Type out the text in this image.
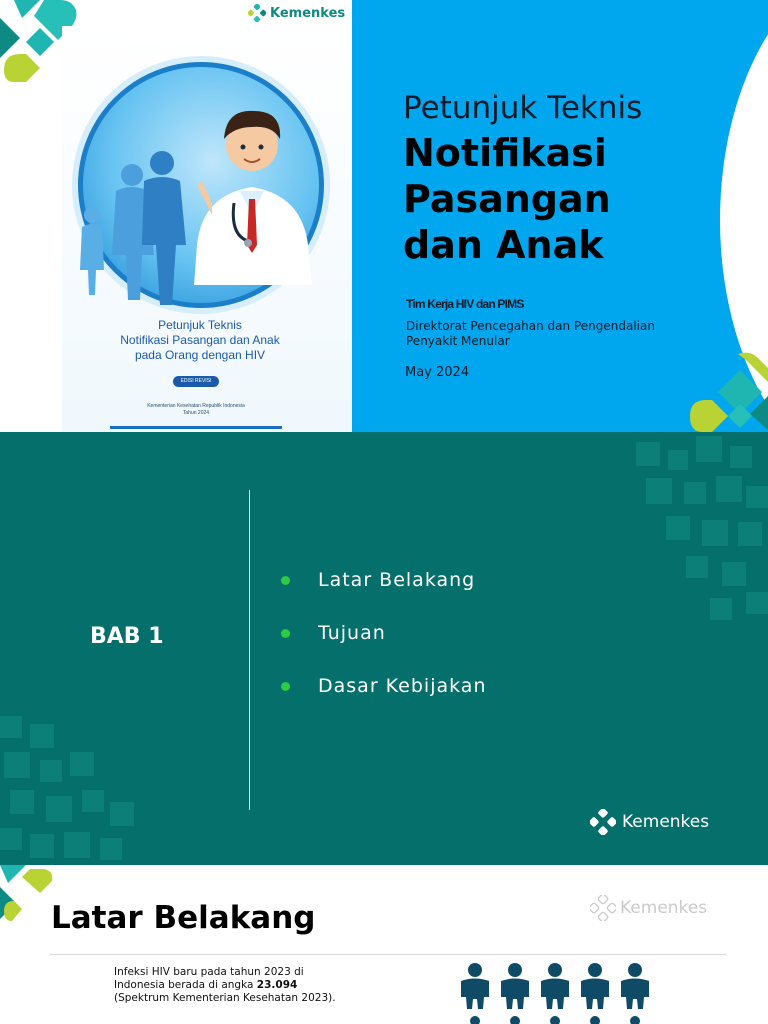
Kemenkes
Petunjuk Teknis
Notifikasi Pasangan dan Anak
pada Orang dengan HIV
EDISI REVISI
Kementerian Kesehatan Republik Indonesia
Tahun 2024
Petunjuk Teknis
Notifikasi
Pasangan
dan Anak
Tim Kerja HIV dan PIMS
Direktorat Pencegahan dan Pengendalian Penyakit Menular
May 2024
BAB 1
Latar Belakang
Tujuan
Dasar Kebijakan
Kemenkes
Latar Belakang	Kemenkes
Infeksi HIV baru pada tahun 2023 di Indonesia berada di angka 23.094 (Spektrum Kementerian Kesehatan 2023).
